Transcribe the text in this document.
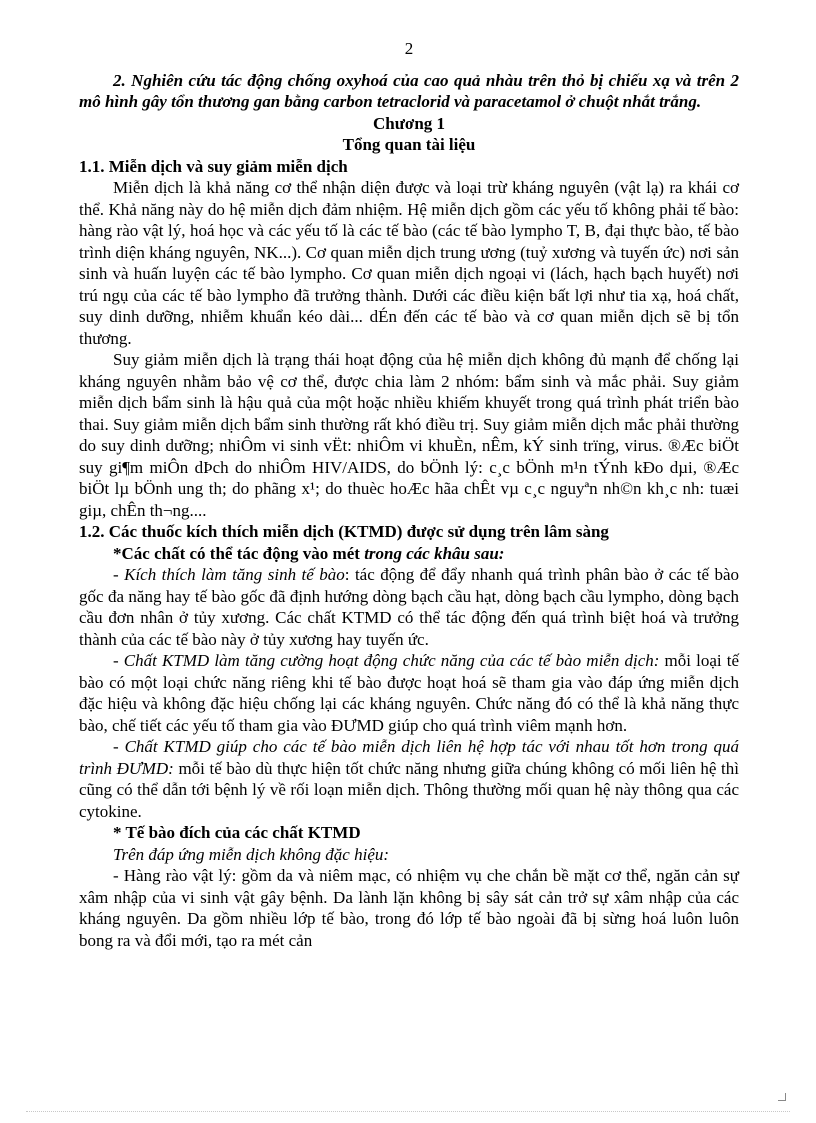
2

2. Nghiên cứu tác động chống oxyhoá của cao quả nhàu trên thỏ bị chiếu xạ và trên 2 mô hình gây tổn thương gan bằng carbon tetraclorid và paracetamol ở chuột nhắt trắng.

Chương 1
Tổng quan tài liệu
1.1. Miễn dịch và suy giảm miễn dịch

Miễn dịch là khả năng cơ thể nhận diện được và loại trừ kháng nguyên (vật lạ) ra khái cơ thể. Khả năng này do hệ miễn dịch đảm nhiệm. Hệ miễn dịch gồm các yếu tố không phải tế bào: hàng rào vật lý, hoá học và các yếu tố là các tế bào (các tế bào lympho T, B, đại thực bào, tế bào trình diện kháng nguyên, NK...). Cơ quan miễn dịch trung ương (tuỷ xương và tuyến ức) nơi sản sinh và huấn luyện các tế bào lympho. Cơ quan miễn dịch ngoại vi (lách, hạch bạch huyết) nơi trú ngụ của các tế bào lympho đã trưởng thành. Dưới các điều kiện bất lợi như tia xạ, hoá chất, suy dinh dưỡng, nhiễm khuẩn kéo dài... dÉn đến các tế bào và cơ quan miễn dịch sẽ bị tổn thương.

Suy giảm miễn dịch là trạng thái hoạt động của hệ miễn dịch không đủ mạnh để chống lại kháng nguyên nhằm bảo vệ cơ thể, được chia làm 2 nhóm: bẩm sinh và mắc phải. Suy giảm miễn dịch bẩm sinh là hậu quả của một hoặc nhiều khiếm khuyết trong quá trình phát triển bào thai. Suy giảm miễn dịch bẩm sinh thường rất khó điều trị. Suy giảm miễn dịch mắc phải thường do suy dinh dưỡng; nhiÔm vi sinh vËt: nhiÔm vi khuÈn, nÊm, kÝ sinh trïng, virus. ®Æc biÖt suy gi¶m miÔn dÞch do nhiÔm HIV/AIDS, do bÖnh lý: c¸c bÖnh m¹n tÝnh kÐo dµi, ®Æc biÖt lµ bÖnh ung th; do phãng x¹; do thuèc hoÆc hãa chÊt vµ c¸c nguyªn nh©n kh¸c nh: tuæi giµ, chÊn th¬ng....

1.2. Các thuốc kích thích miễn dịch (KTMD) được sử dụng trên lâm sàng

*Các chất có thể tác động vào mét trong các khâu sau:

- Kích thích làm tăng sinh tế bào: tác động để đẩy nhanh quá trình phân bào ở các tế bào gốc đa năng hay tế bào gốc đã định hướng dòng bạch cầu hạt, dòng bạch cầu lympho, dòng bạch cầu đơn nhân ở tủy xương. Các chất KTMD có thể tác động đến quá trình biệt hoá và trưởng thành của các tế bào này ở tủy xương hay tuyến ức.

- Chất KTMD làm tăng cường hoạt động chức năng của các tế bào miễn dịch: mỗi loại tế bào có một loại chức năng riêng khi tế bào được hoạt hoá sẽ tham gia vào đáp ứng miễn dịch đặc hiệu và không đặc hiệu chống lại các kháng nguyên. Chức năng đó có thể là khả năng thực bào, chế tiết các yếu tố tham gia vào ĐƯMD giúp cho quá trình viêm mạnh hơn.

- Chất KTMD giúp cho các tế bào miễn dịch liên hệ hợp tác với nhau tốt hơn trong quá trình ĐƯMD: mỗi tế bào dù thực hiện tốt chức năng nhưng giữa chúng không có mối liên hệ thì cũng có thể dẫn tới bệnh lý về rối loạn miễn dịch. Thông thường mối quan hệ này thông qua các cytokine.

* Tế bào đích của các chất KTMD

Trên đáp ứng miễn dịch không đặc hiệu:

- Hàng rào vật lý: gồm da và niêm mạc, có nhiệm vụ che chắn bề mặt cơ thể, ngăn cản sự xâm nhập của vi sinh vật gây bệnh. Da lành lặn không bị sây sát cản trở sự xâm nhập của các kháng nguyên. Da gồm nhiều lớp tế bào, trong đó lớp tế bào ngoài đã bị sừng hoá luôn luôn bong ra và đổi mới, tạo ra mét cản
